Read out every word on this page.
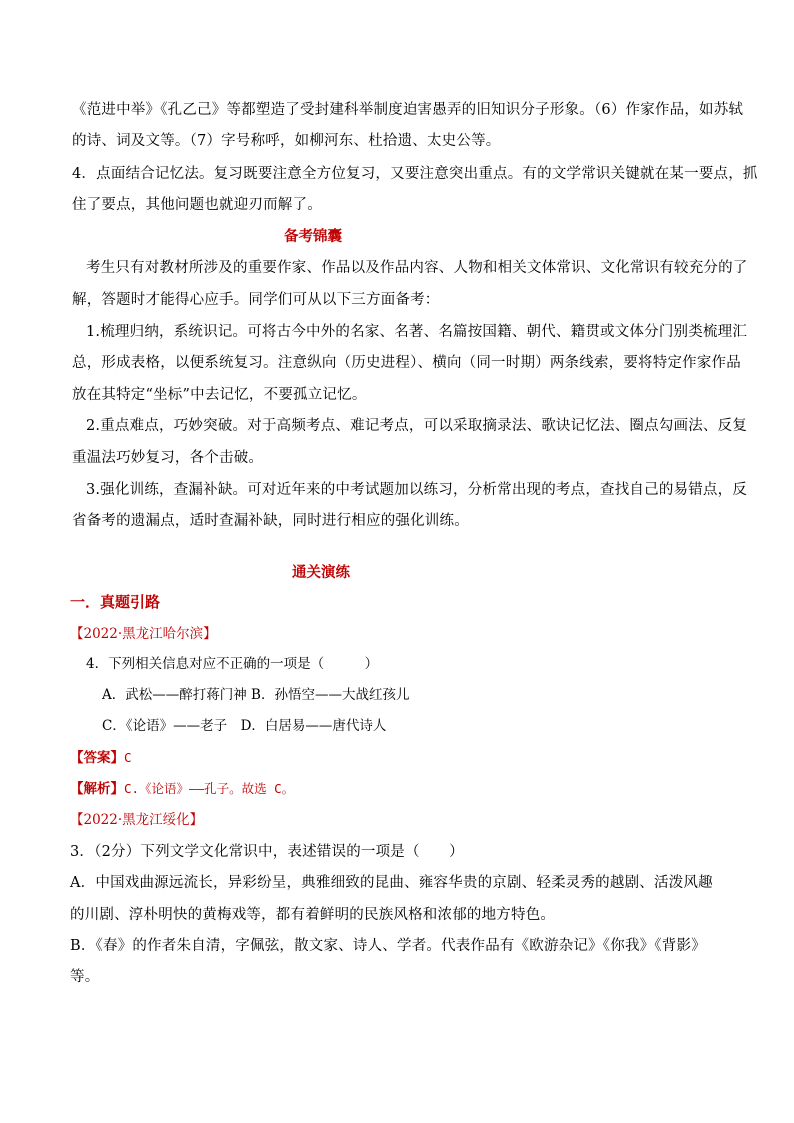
《范进中举》《孔乙己》等都塑造了受封建科举制度迫害愚弄的旧知识分子形象。（6）作家作品，如苏轼
的诗、词及文等。（7）字号称呼，如柳河东、杜拾遗、太史公等。
4．点面结合记忆法。复习既要注意全方位复习，又要注意突出重点。有的文学常识关键就在某一要点，抓
住了要点，其他问题也就迎刃而解了。
备考锦囊
考生只有对教材所涉及的重要作家、作品以及作品内容、人物和相关文体常识、文化常识有较充分的了
解，答题时才能得心应手。同学们可从以下三方面备考：
1.梳理归纳，系统识记。可将古今中外的名家、名著、名篇按国籍、朝代、籍贯或文体分门别类梳理汇
总，形成表格，以便系统复习。注意纵向（历史进程）、横向（同一时期）两条线索，要将特定作家作品
放在其特定“坐标”中去记忆，不要孤立记忆。
2.重点难点，巧妙突破。对于高频考点、难记考点，可以采取摘录法、歌诀记忆法、圈点勾画法、反复
重温法巧妙复习，各个击破。
3.强化训练，查漏补缺。可对近年来的中考试题加以练习，分析常出现的考点，查找自己的易错点，反
省备考的遗漏点，适时查漏补缺，同时进行相应的强化训练。
通关演练
一．真题引路
【2022·黑龙江哈尔滨】
4．下列相关信息对应不正确的一项是（　　　）
A．武松——醉打蒋门神 B．孙悟空——大战红孩儿
C．《论语》——老子　D．白居易——唐代诗人
【答案】C
【解析】C.《论语》——孔子。故选 C。
【2022·黑龙江绥化】
3．（2分）下列文学文化常识中，表述错误的一项是（　　）
A．中国戏曲源远流长，异彩纷呈，典雅细致的昆曲、雍容华贵的京剧、轻柔灵秀的越剧、活泼风趣
的川剧、淳朴明快的黄梅戏等，都有着鲜明的民族风格和浓郁的地方特色。
B．《春》的作者朱自清，字佩弦，散文家、诗人、学者。代表作品有《欧游杂记》《你我》《背影》
等。
